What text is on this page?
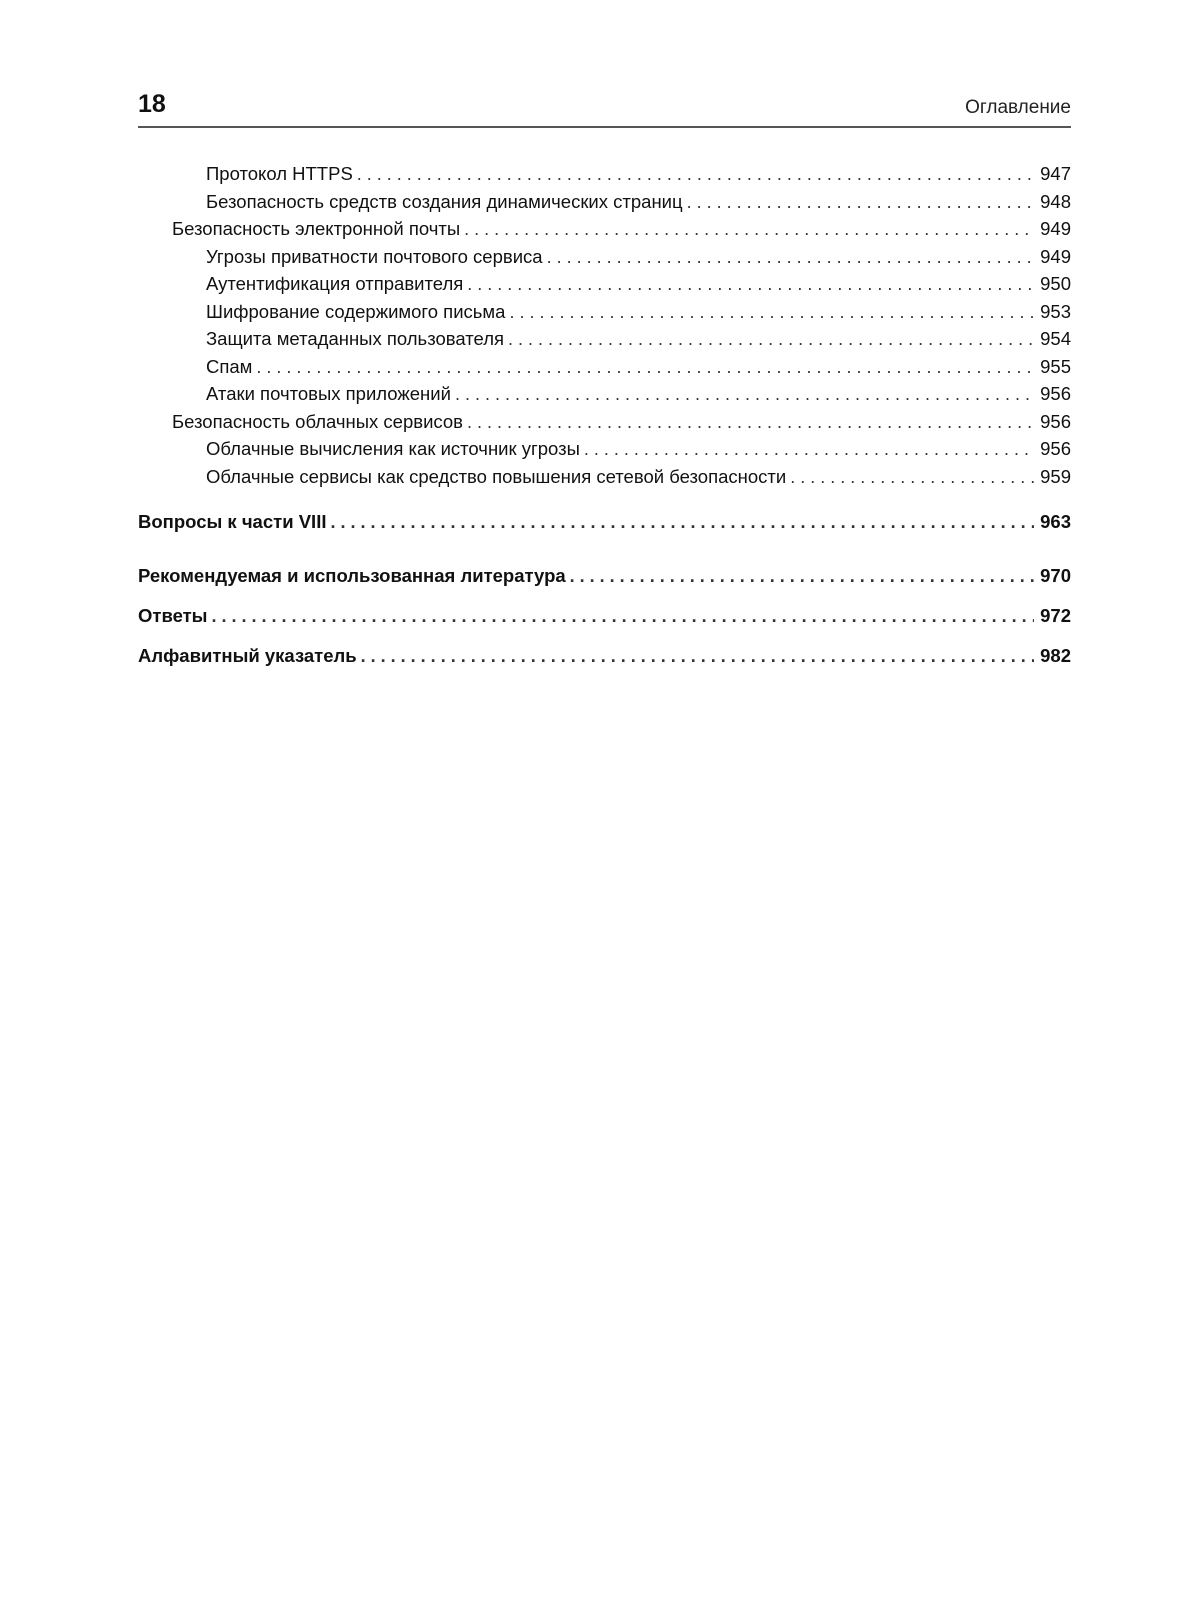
18	Оглавление
Протокол HTTPS . . .	947
Безопасность средств создания динамических страниц . . .	948
Безопасность электронной почты . . .	949
Угрозы приватности почтового сервиса . . .	949
Аутентификация отправителя . . .	950
Шифрование содержимого письма . . .	953
Защита метаданных пользователя . . .	954
Спам . . .	955
Атаки почтовых приложений . . .	956
Безопасность облачных сервисов . . .	956
Облачные вычисления как источник угрозы . . .	956
Облачные сервисы как средство повышения сетевой безопасности . . .	959
Вопросы к части VIII . . .	963
Рекомендуемая и использованная литература . . .	970
Ответы . . .	972
Алфавитный указатель . . .	982
